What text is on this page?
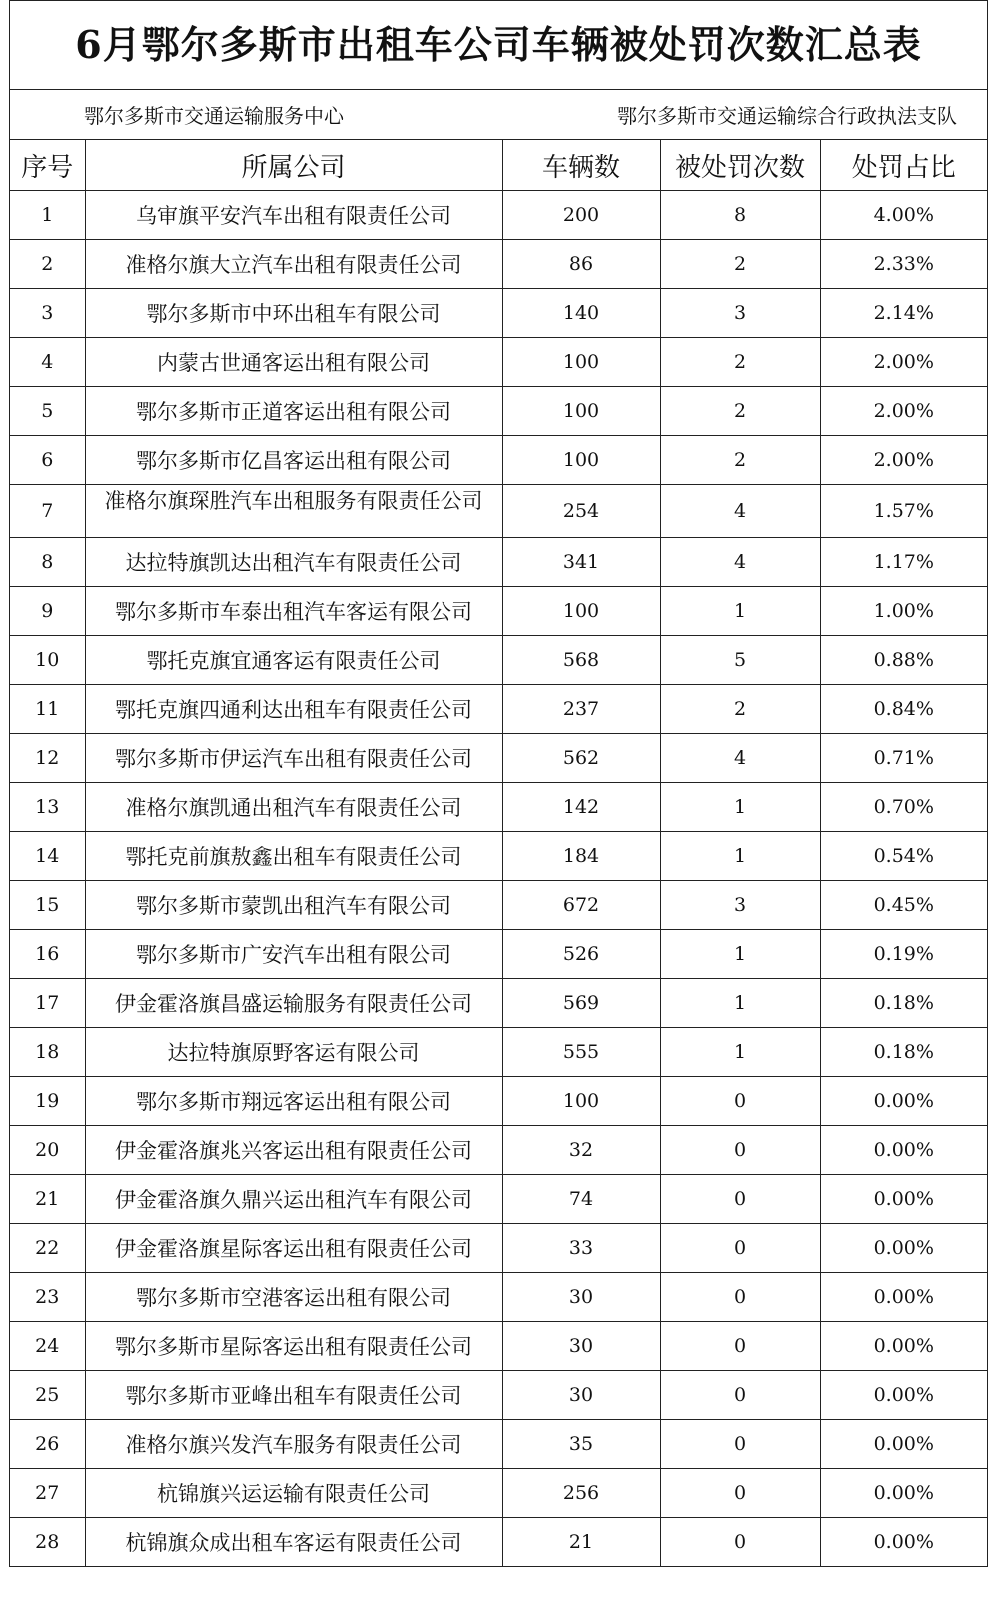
6月鄂尔多斯市出租车公司车辆被处罚次数汇总表
鄂尔多斯市交通运输服务中心	鄂尔多斯市交通运输综合行政执法支队
序号	所属公司	车辆数	被处罚次数	处罚占比
1	乌审旗平安汽车出租有限责任公司	200	8	4.00%
2	准格尔旗大立汽车出租有限责任公司	86	2	2.33%
3	鄂尔多斯市中环出租车有限公司	140	3	2.14%
4	内蒙古世通客运出租有限公司	100	2	2.00%
5	鄂尔多斯市正道客运出租有限公司	100	2	2.00%
6	鄂尔多斯市亿昌客运出租有限公司	100	2	2.00%
7	准格尔旗琛胜汽车出租服务有限责任公司	254	4	1.57%
8	达拉特旗凯达出租汽车有限责任公司	341	4	1.17%
9	鄂尔多斯市车泰出租汽车客运有限公司	100	1	1.00%
10	鄂托克旗宜通客运有限责任公司	568	5	0.88%
11	鄂托克旗四通利达出租车有限责任公司	237	2	0.84%
12	鄂尔多斯市伊运汽车出租有限责任公司	562	4	0.71%
13	准格尔旗凯通出租汽车有限责任公司	142	1	0.70%
14	鄂托克前旗敖鑫出租车有限责任公司	184	1	0.54%
15	鄂尔多斯市蒙凯出租汽车有限公司	672	3	0.45%
16	鄂尔多斯市广安汽车出租有限公司	526	1	0.19%
17	伊金霍洛旗昌盛运输服务有限责任公司	569	1	0.18%
18	达拉特旗原野客运有限公司	555	1	0.18%
19	鄂尔多斯市翔远客运出租有限公司	100	0	0.00%
20	伊金霍洛旗兆兴客运出租有限责任公司	32	0	0.00%
21	伊金霍洛旗久鼎兴运出租汽车有限公司	74	0	0.00%
22	伊金霍洛旗星际客运出租有限责任公司	33	0	0.00%
23	鄂尔多斯市空港客运出租有限公司	30	0	0.00%
24	鄂尔多斯市星际客运出租有限责任公司	30	0	0.00%
25	鄂尔多斯市亚峰出租车有限责任公司	30	0	0.00%
26	准格尔旗兴发汽车服务有限责任公司	35	0	0.00%
27	杭锦旗兴运运输有限责任公司	256	0	0.00%
28	杭锦旗众成出租车客运有限责任公司	21	0	0.00%
